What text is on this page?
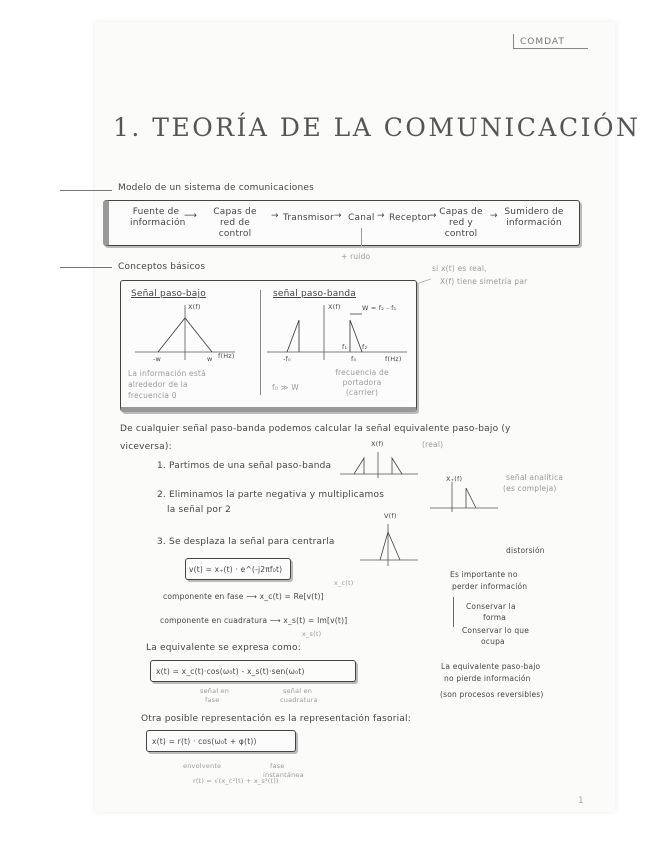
COMDAT
1. TEORÍA DE LA COMUNICACIÓN
Modelo de un sistema de comunicaciones
Fuente de información
⟶	Capas de red de control
→ Transmisor → Canal → Receptor
→ Capas de red y control
→ Sumidero de información
+ ruido
Conceptos básicos	si x(t) es real,
X(f) tiene simetría par
Señal paso-bajo
X(f)
-w	w f(Hz)
La información está alrededor de la frecuencia 0
señal paso-banda
X(f)	W = f₂ - f₁
f₁ f₂
-f₀	f₀	f(Hz)
f₀ ≫ W
frecuencia de portadora (carrier)
De cualquier señal paso-banda podemos calcular la señal equivalente paso-bajo (y viceversa):
1. Partimos de una señal paso-banda
X(f)	(real)
2. Eliminamos la parte negativa y multiplicamos
la señal por 2
X₊(f)	señal analítica
(es compleja)
3. Se desplaza la señal para centrarla
V(f)
v(t) = x₊(t) · e^(-j2πf₀t)
x_c(t)
componente en fase ⟶ x_c(t) = Re[v(t)]
componente en cuadratura ⟶ x_s(t) = Im[v(t)]
x_s(t)
La equivalente se expresa como:
x(t) = x_c(t)·cos(ω₀t) - x_s(t)·sen(ω₀t)
señal en
fase
señal en
cuadratura
Otra posible representación es la representación fasorial:
x(t) = r(t) · cos(ω₀t + φ(t))
envolvente
r(t) = √(x_c²(t) + x_s²(t))
fase
instantánea
distorsión
Es importante no
perder información
Conservar la
forma
Conservar lo que
ocupa
La equivalente paso-bajo
no pierde información
(son procesos reversibles)
1
